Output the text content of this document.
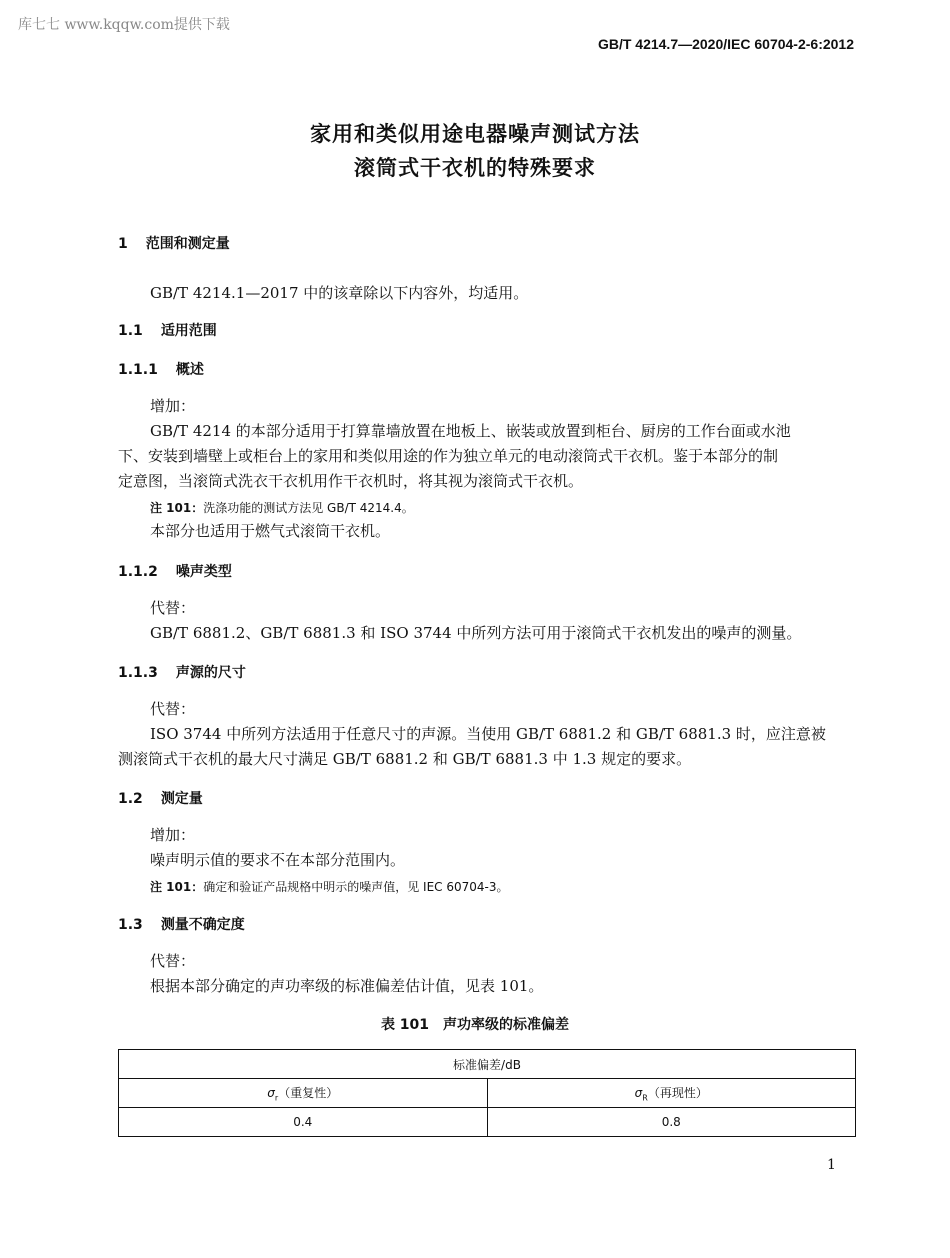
库七七 www.kqqw.com提供下载
GB/T 4214.7—2020/IEC 60704-2-6:2012
家用和类似用途电器噪声测试方法
滚筒式干衣机的特殊要求
1 范围和测定量
GB/T 4214.1—2017 中的该章除以下内容外，均适用。
1.1 适用范围
1.1.1 概述
增加：
GB/T 4214 的本部分适用于打算靠墙放置在地板上、嵌装或放置到柜台、厨房的工作台面或水池
下、安装到墙壁上或柜台上的家用和类似用途的作为独立单元的电动滚筒式干衣机。鉴于本部分的制
定意图，当滚筒式洗衣干衣机用作干衣机时，将其视为滚筒式干衣机。
注 101：洗涤功能的测试方法见 GB/T 4214.4。
本部分也适用于燃气式滚筒干衣机。
1.1.2 噪声类型
代替：
GB/T 6881.2、GB/T 6881.3 和 ISO 3744 中所列方法可用于滚筒式干衣机发出的噪声的测量。
1.1.3 声源的尺寸
代替：
ISO 3744 中所列方法适用于任意尺寸的声源。当使用 GB/T 6881.2 和 GB/T 6881.3 时，应注意被
测滚筒式干衣机的最大尺寸满足 GB/T 6881.2 和 GB/T 6881.3 中 1.3 规定的要求。
1.2 测定量
增加：
噪声明示值的要求不在本部分范围内。
注 101：确定和验证产品规格中明示的噪声值，见 IEC 60704-3。
1.3 测量不确定度
代替：
根据本部分确定的声功率级的标准偏差估计值，见表 101。
表 101　声功率级的标准偏差
标准偏差/dB	
$\sigma_r$（重复性）	$\sigma_R$（再现性）
0.4	0.8
1
